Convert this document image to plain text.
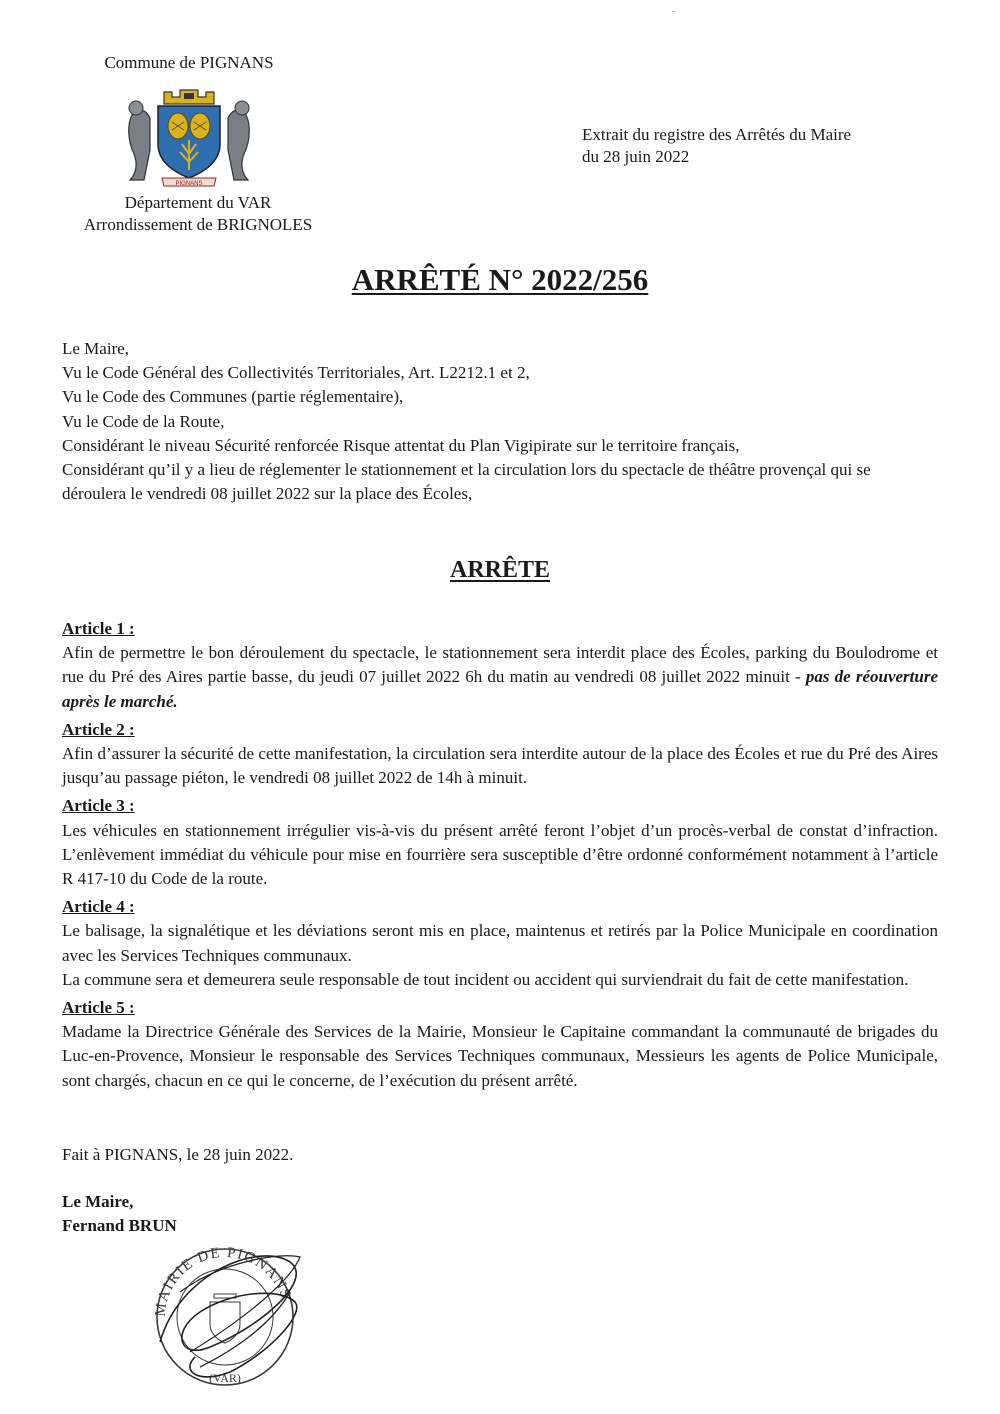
-
Commune de PIGNANS
PIGNANS
Département du VAR
Arrondissement de BRIGNOLES
Extrait du registre des Arrêtés du Maire
du 28 juin 2022
ARRÊTÉ N° 2022/256

Le Maire,

Vu le Code Général des Collectivités Territoriales, Art. L2212.1 et 2,

Vu le Code des Communes (partie réglementaire),

Vu le Code de la Route,

Considérant le niveau Sécurité renforcée Risque attentat du Plan Vigipirate sur le territoire français,

Considérant qu’il y a lieu de réglementer le stationnement et la circulation lors du spectacle de théâtre provençal qui se déroulera le vendredi 08 juillet 2022 sur la place des Écoles,

ARRÊTE
Article 1 :

Afin de permettre le bon déroulement du spectacle, le stationnement sera interdit place des Écoles, parking du Boulodrome et rue du Pré des Aires partie basse, du jeudi 07 juillet 2022 6h du matin au vendredi 08 juillet 2022 minuit - pas de réouverture après le marché.

Article 2 :

Afin d’assurer la sécurité de cette manifestation, la circulation sera interdite autour de la place des Écoles et rue du Pré des Aires jusqu’au passage piéton, le vendredi 08 juillet 2022 de 14h à minuit.

Article 3 :

Les véhicules en stationnement irrégulier vis-à-vis du présent arrêté feront l’objet d’un procès-verbal de constat d’infraction. L’enlèvement immédiat du véhicule pour mise en fourrière sera susceptible d’être ordonné conformément notamment à l’article R 417-10 du Code de la route.

Article 4 :

Le balisage, la signalétique et les déviations seront mis en place, maintenus et retirés par la Police Municipale en coordination avec les Services Techniques communaux.

La commune sera et demeurera seule responsable de tout incident ou accident qui surviendrait du fait de cette manifestation.

Article 5 :

Madame la Directrice Générale des Services de la Mairie, Monsieur le Capitaine commandant la communauté de brigades du Luc-en-Provence, Monsieur le responsable des Services Techniques communaux, Messieurs les agents de Police Municipale, sont chargés, chacun en ce qui le concerne, de l’exécution du présent arrêté.

Fait à PIGNANS, le 28 juin 2022.
Le Maire,
Fernand BRUN
MAIRIE DE PIGNANS
(VAR)
